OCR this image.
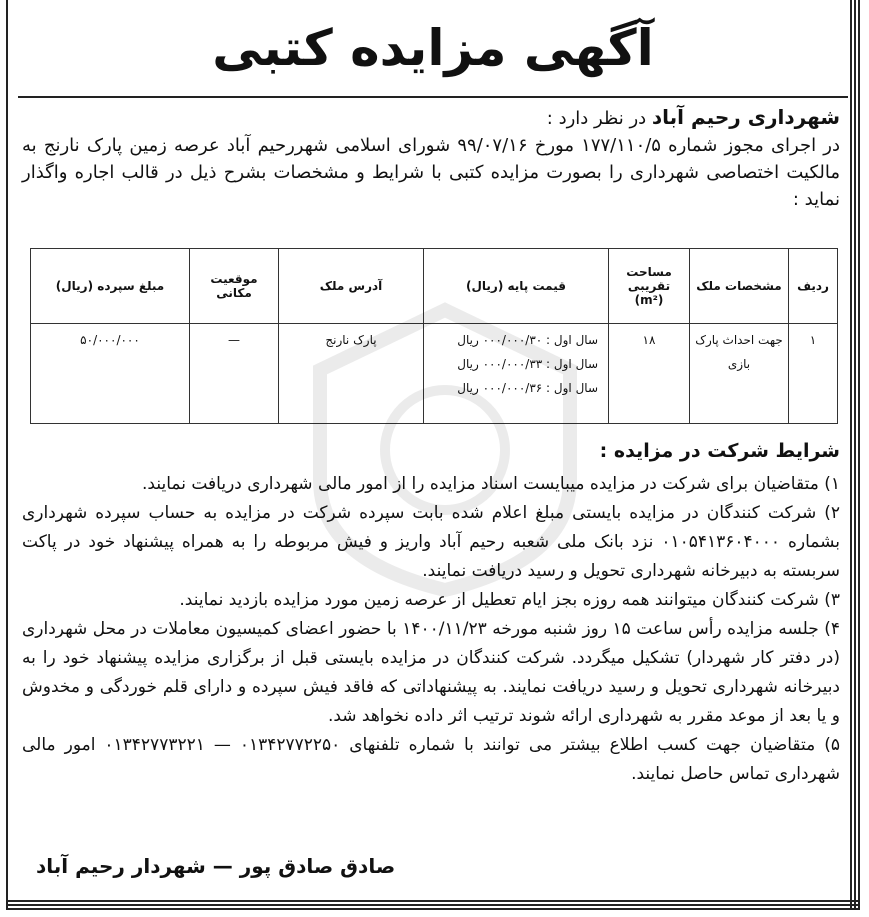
آگهی مزایده کتبی
شهرداری رحیم آباد در نظر دارد :
در اجرای مجوز شماره ۱۷۷/۱۱۰/۵ مورخ ۹۹/۰۷/۱۶ شورای اسلامی شهررحیم آباد عرصه زمین پارک نارنج به مالکیت اختصاصی شهرداری را بصورت مزایده کتبی با شرایط و مشخصات بشرح ذیل در قالب اجاره واگذار نماید :
ردیف	مشخصات ملک	مساحت تقریبی (m²)	قیمت پایه (ریال)	آدرس ملک	موقعیت مکانی	مبلغ سپرده (ریال)
۱	جهت احداث پارک بازی	۱۸	سال اول : ۰۰۰/۰۰۰/۳۰ ریال
سال اول : ۰۰۰/۰۰۰/۳۳ ریال
سال اول : ۰۰۰/۰۰۰/۳۶ ریال	پارک نارنج	—	۵۰/۰۰۰/۰۰۰
شرایط شرکت در مزایده :

۱) متقاضیان برای شرکت در مزایده میبایست اسناد مزایده را از امور مالی شهرداری دریافت نمایند.

۲) شرکت کنندگان در مزایده بایستی مبلغ اعلام شده بابت سپرده شرکت در مزایده به حساب سپرده شهرداری بشماره ۰۱۰۵۴۱۳۶۰۴۰۰۰ نزد بانک ملی شعبه رحیم آباد واریز و فیش مربوطه را به همراه پیشنهاد خود در پاکت سربسته به دبیرخانه شهرداری تحویل و رسید دریافت نمایند.

۳) شرکت کنندگان میتوانند همه روزه بجز ایام تعطیل از عرصه زمین مورد مزایده بازدید نمایند.

۴) جلسه مزایده رأس ساعت ۱۵ روز شنبه مورخه ۱۴۰۰/۱۱/۲۳ با حضور اعضای کمیسیون معاملات در محل شهرداری (در دفتر کار شهردار) تشکیل میگردد. شرکت کنندگان در مزایده بایستی قبل از برگزاری مزایده پیشنهاد خود را به دبیرخانه شهرداری تحویل و رسید دریافت نمایند. به پیشنهاداتی که فاقد فیش سپرده و دارای قلم خوردگی و مخدوش و یا بعد از موعد مقرر به شهرداری ارائه شوند ترتیب اثر داده نخواهد شد.

۵) متقاضیان جهت کسب اطلاع بیشتر می توانند با شماره تلفنهای ۰۱۳۴۲۷۷۲۲۵۰ — ۰۱۳۴۲۷۷۳۲۲۱ امور مالی شهرداری تماس حاصل نمایند.

صادق صادق پور — شهردار رحیم آباد
